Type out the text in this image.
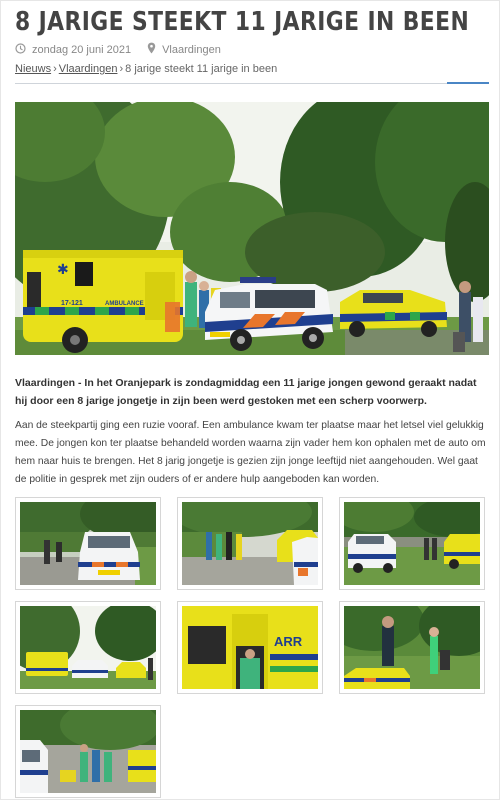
8 JARIGE STEEKT 11 JARIGE IN BEEN
zondag 20 juni 2021	Vlaardingen
Nieuws › Vlaardingen › 8 jarige steekt 11 jarige in been
17-121	AMBULANCE
✱

Vlaardingen - In het Oranjepark is zondagmiddag een 11 jarige jongen gewond geraakt nadat hij door een 8 jarige jongetje in zijn been werd gestoken met een scherp voorwerp.

Aan de steekpartij ging een ruzie vooraf. Een ambulance kwam ter plaatse maar het letsel viel gelukkig mee. De jongen kon ter plaatse behandeld worden waarna zijn vader hem kon ophalen met de auto om hem naar huis te brengen. Het 8 jarig jongetje is gezien zijn jonge leeftijd niet aangehouden. Wel gaat de politie in gesprek met zijn ouders of er andere hulp aangeboden kan worden.

ARR
